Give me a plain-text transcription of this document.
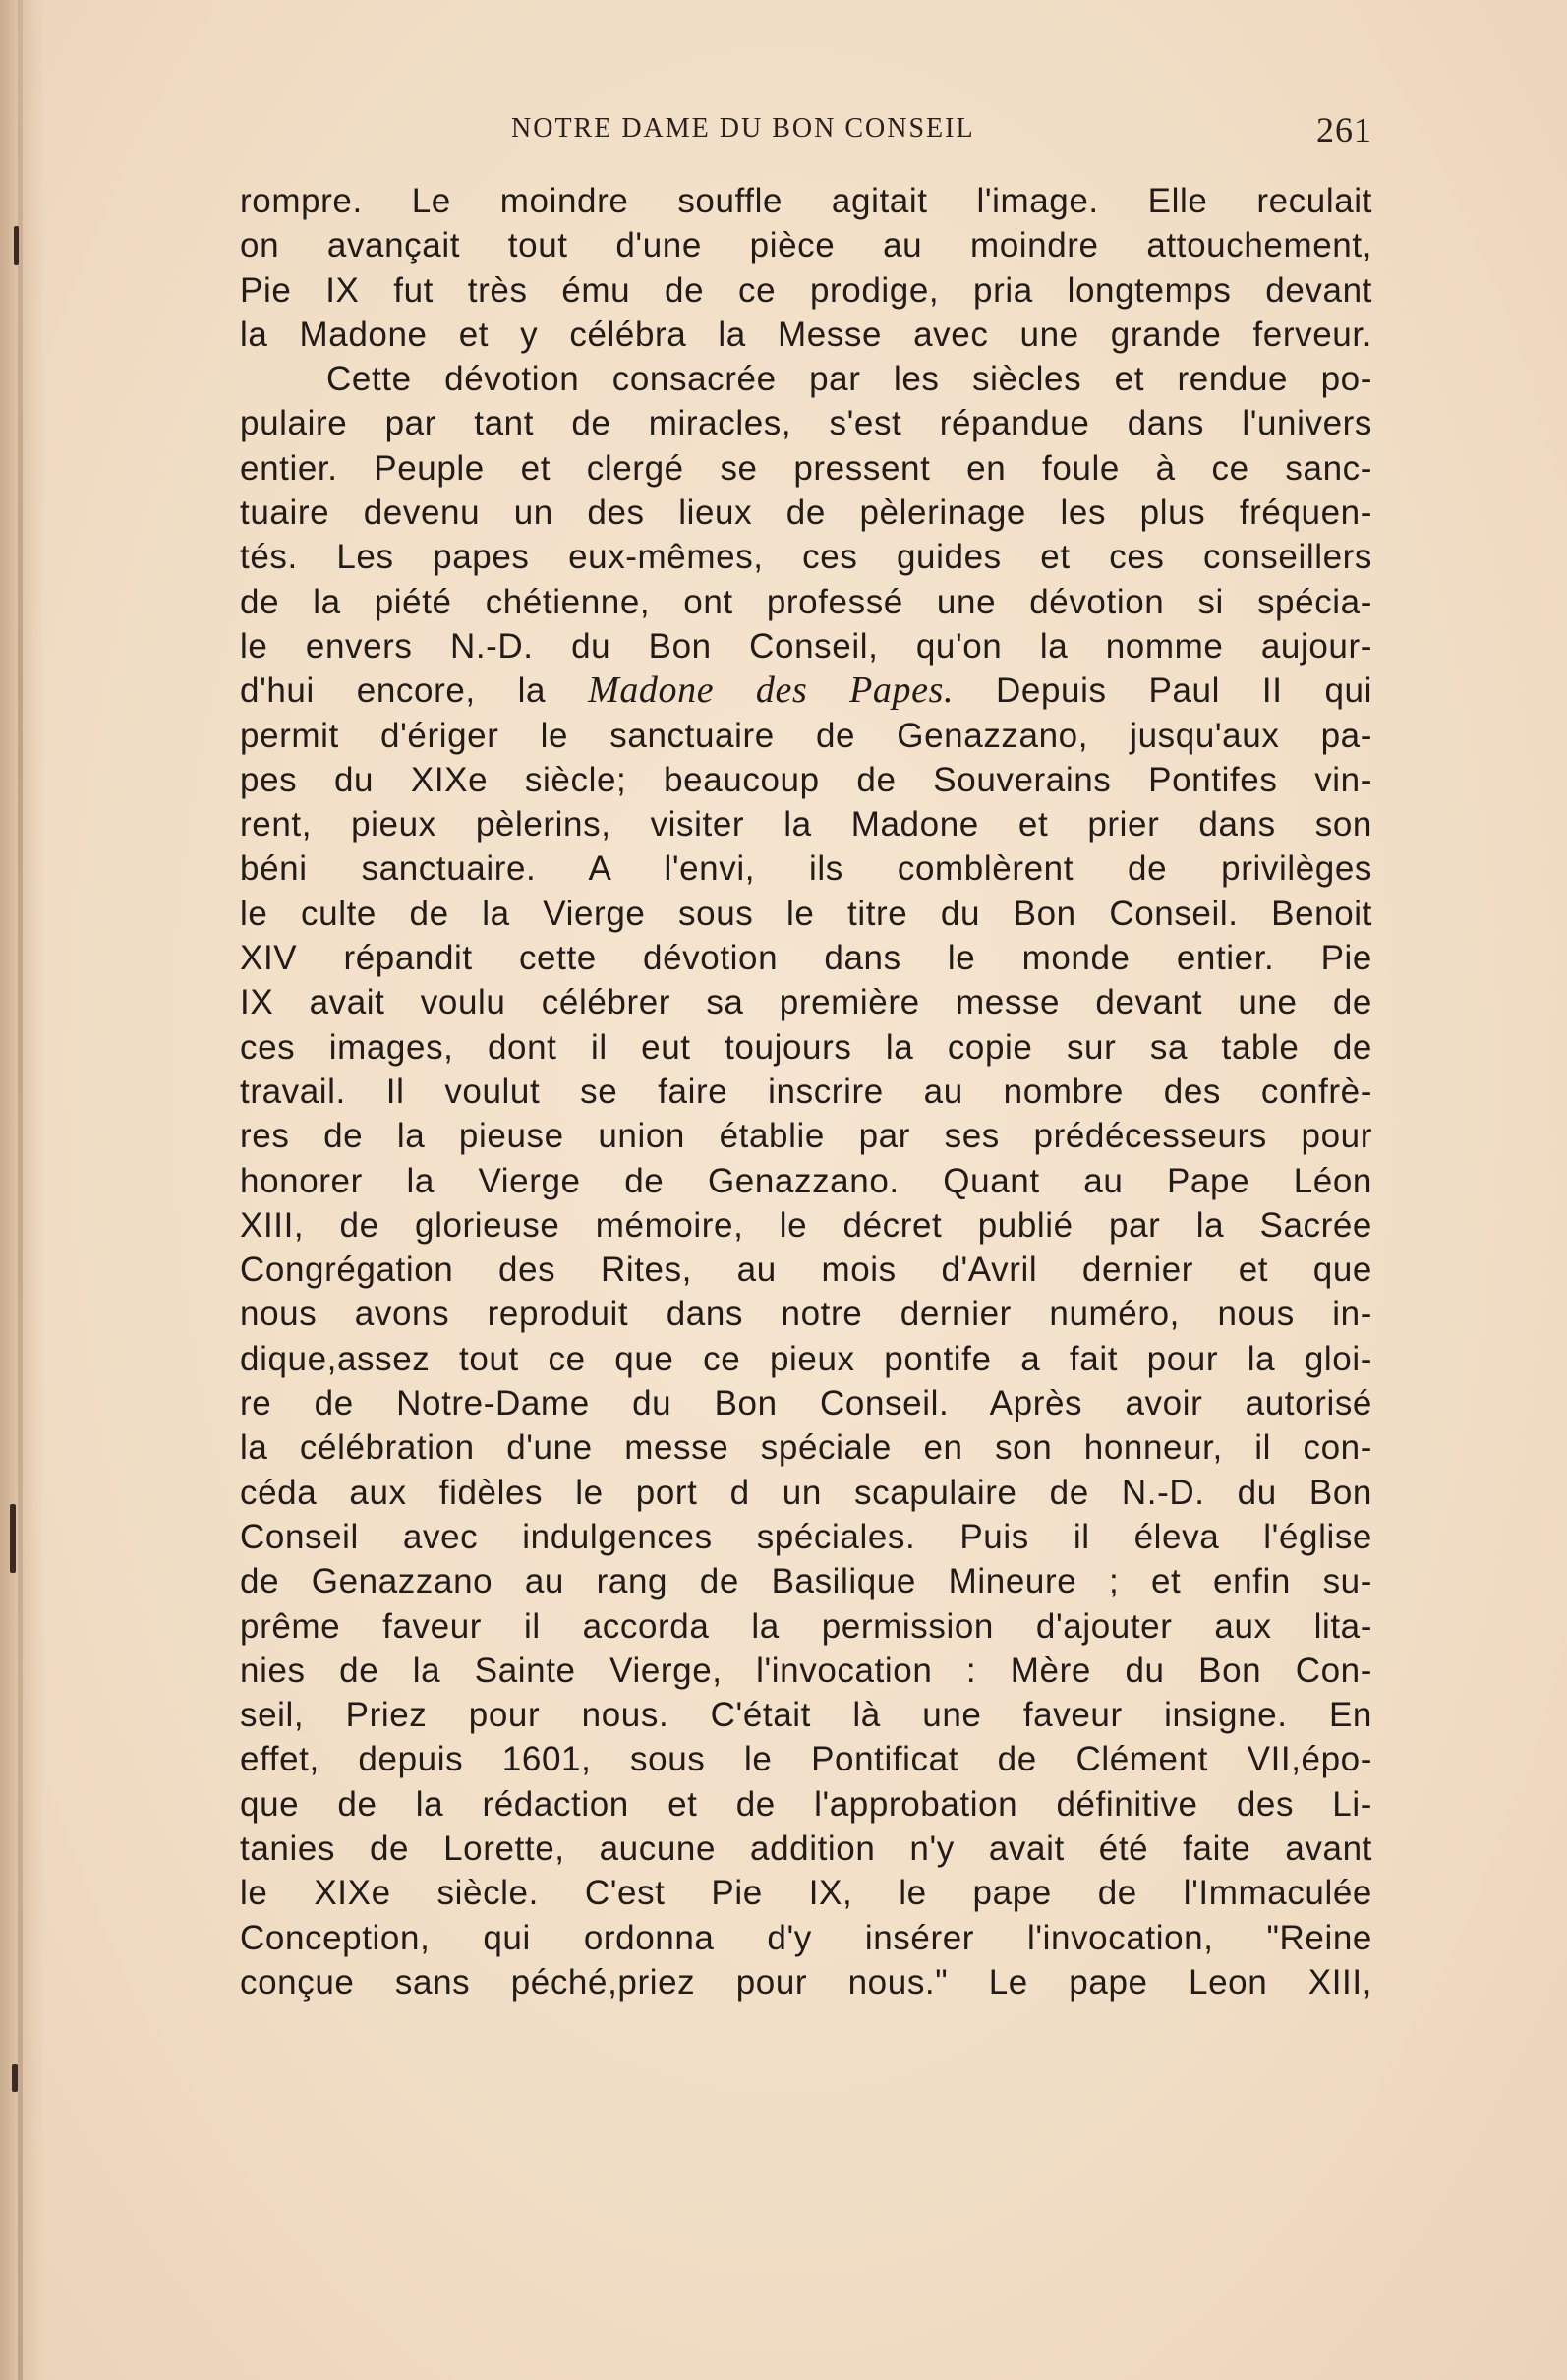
NOTRE DAME DU BON CONSEIL	261
rompre. Le moindre souffle agitait l'image. Elle reculait
on avançait tout d'une pièce au moindre attouchement,
Pie IX fut très ému de ce prodige, pria longtemps devant
la Madone et y célébra la Messe avec une grande ferveur.
Cette dévotion consacrée par les siècles et rendue po-
pulaire par tant de miracles, s'est répandue dans l'univers
entier. Peuple et clergé se pressent en foule à ce sanc-
tuaire devenu un des lieux de pèlerinage les plus fréquen-
tés. Les papes eux-mêmes, ces guides et ces conseillers
de la piété chétienne, ont professé une dévotion si spécia-
le envers N.-D. du Bon Conseil, qu'on la nomme aujour-
d'hui encore, la Madone des Papes. Depuis Paul II qui
permit d'ériger le sanctuaire de Genazzano, jusqu'aux pa-
pes du XIXe siècle; beaucoup de Souverains Pontifes vin-
rent, pieux pèlerins, visiter la Madone et prier dans son
béni sanctuaire. A l'envi, ils comblèrent de privilèges
le culte de la Vierge sous le titre du Bon Conseil. Benoit
XIV répandit cette dévotion dans le monde entier. Pie
IX avait voulu célébrer sa première messe devant une de
ces images, dont il eut toujours la copie sur sa table de
travail. Il voulut se faire inscrire au nombre des confrè-
res de la pieuse union établie par ses prédécesseurs pour
honorer la Vierge de Genazzano. Quant au Pape Léon
XIII, de glorieuse mémoire, le décret publié par la Sacrée
Congrégation des Rites, au mois d'Avril dernier et que
nous avons reproduit dans notre dernier numéro, nous in-
dique,assez tout ce que ce pieux pontife a fait pour la gloi-
re de Notre-Dame du Bon Conseil. Après avoir autorisé
la célébration d'une messe spéciale en son honneur, il con-
céda aux fidèles le port d un scapulaire de N.-D. du Bon
Conseil avec indulgences spéciales. Puis il éleva l'église
de Genazzano au rang de Basilique Mineure ; et enfin su-
prême faveur il accorda la permission d'ajouter aux lita-
nies de la Sainte Vierge, l'invocation : Mère du Bon Con-
seil, Priez pour nous. C'était là une faveur insigne. En
effet, depuis 1601, sous le Pontificat de Clément VII,épo-
que de la rédaction et de l'approbation définitive des Li-
tanies de Lorette, aucune addition n'y avait été faite avant
le XIXe siècle. C'est Pie IX, le pape de l'Immaculée
Conception, qui ordonna d'y insérer l'invocation, "Reine
conçue sans péché,priez pour nous." Le pape Leon XIII,
